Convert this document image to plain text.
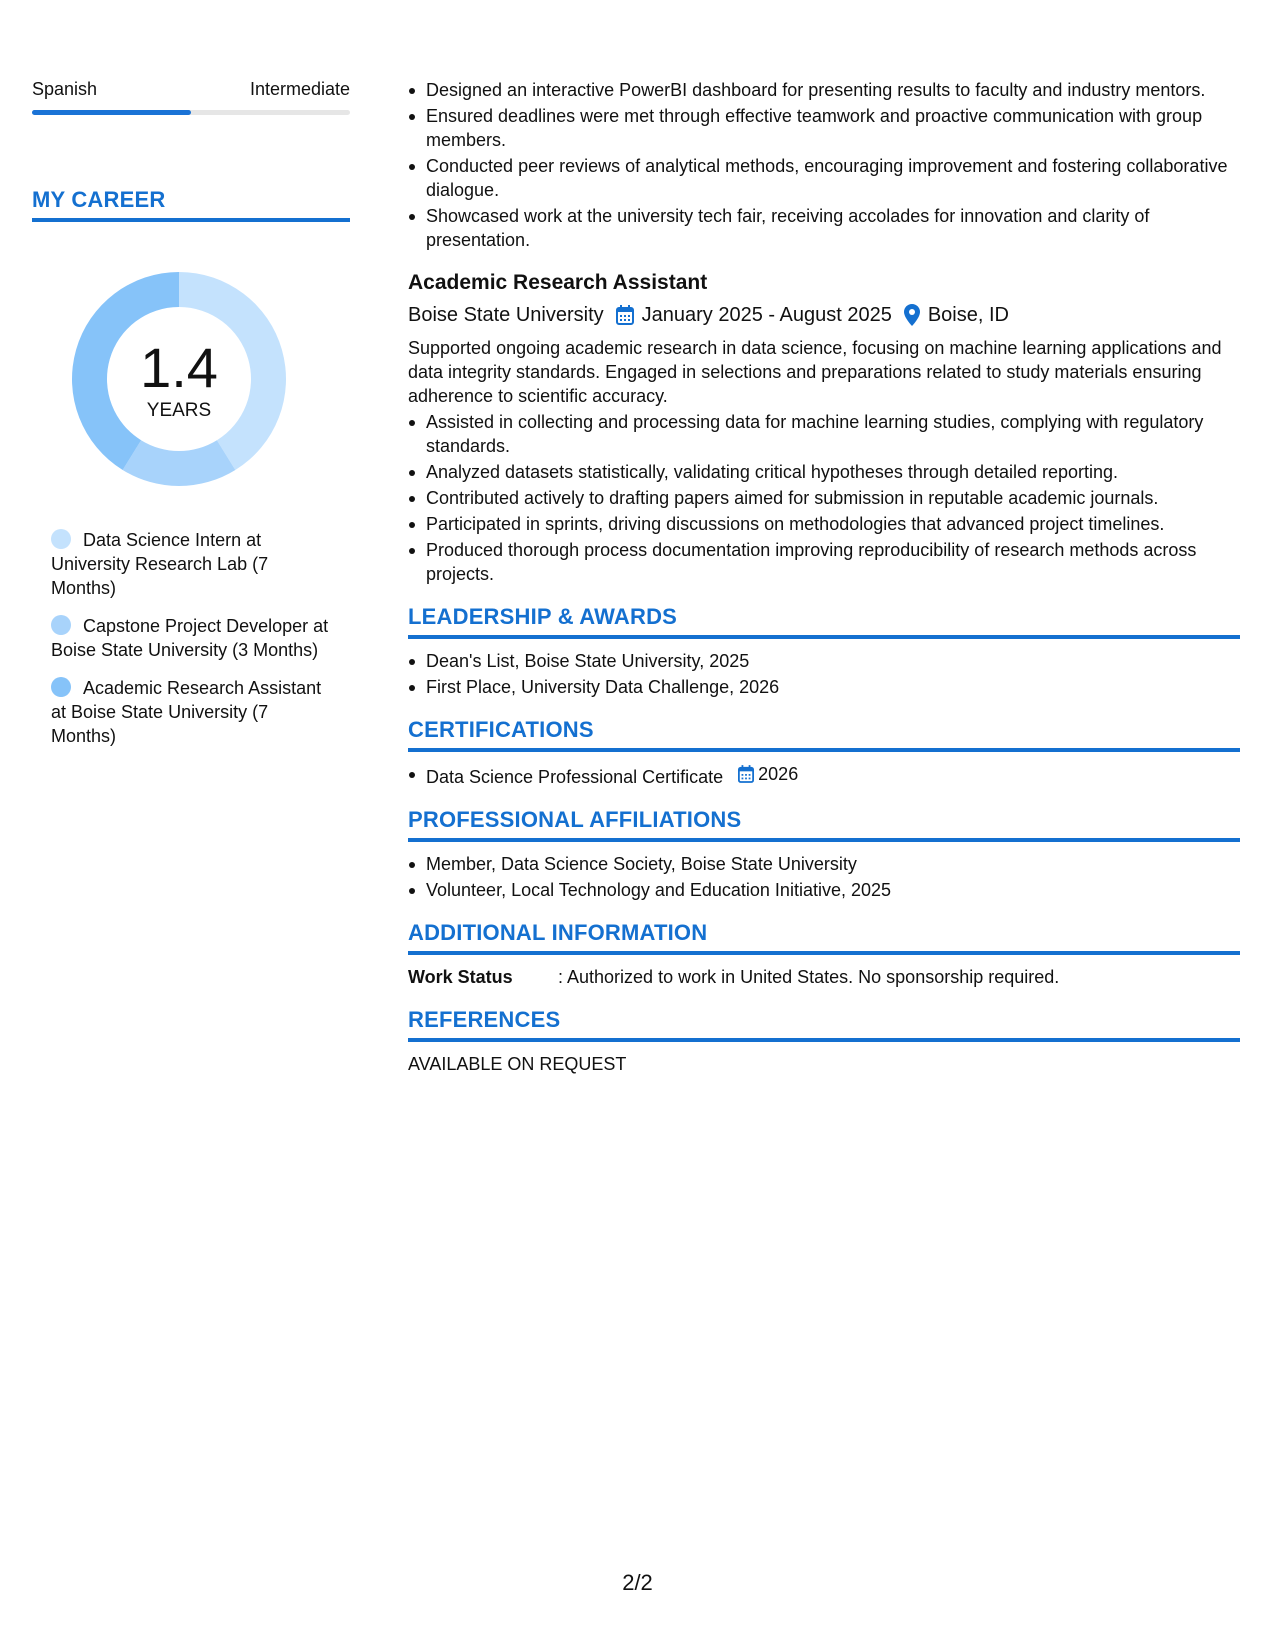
Spanish	Intermediate
MY CAREER
1.4
YEARS
Data Science Intern at University Research Lab (7 Months)
Capstone Project Developer at Boise State University (3 Months)
Academic Research Assistant at Boise State University (7 Months)
Designed an interactive PowerBI dashboard for presenting results to faculty and industry mentors.
Ensured deadlines were met through effective teamwork and proactive communication with group members.
Conducted peer reviews of analytical methods, encouraging improvement and fostering collaborative dialogue.
Showcased work at the university tech fair, receiving accolades for innovation and clarity of presentation.
Academic Research Assistant
Boise State University January 2025 - August 2025 Boise, ID
Supported ongoing academic research in data science, focusing on machine learning applications and data integrity standards. Engaged in selections and preparations related to study materials ensuring adherence to scientific accuracy.
Assisted in collecting and processing data for machine learning studies, complying with regulatory standards.
Analyzed datasets statistically, validating critical hypotheses through detailed reporting.
Contributed actively to drafting papers aimed for submission in reputable academic journals.
Participated in sprints, driving discussions on methodologies that advanced project timelines.
Produced thorough process documentation improving reproducibility of research methods across projects.
LEADERSHIP & AWARDS
Dean's List, Boise State University, 2025
First Place, University Data Challenge, 2026
CERTIFICATIONS
Data Science Professional Certificate 2026
PROFESSIONAL AFFILIATIONS
Member, Data Science Society, Boise State University
Volunteer, Local Technology and Education Initiative, 2025
ADDITIONAL INFORMATION
Work Status	: Authorized to work in United States. No sponsorship required.
REFERENCES
AVAILABLE ON REQUEST
2/2
